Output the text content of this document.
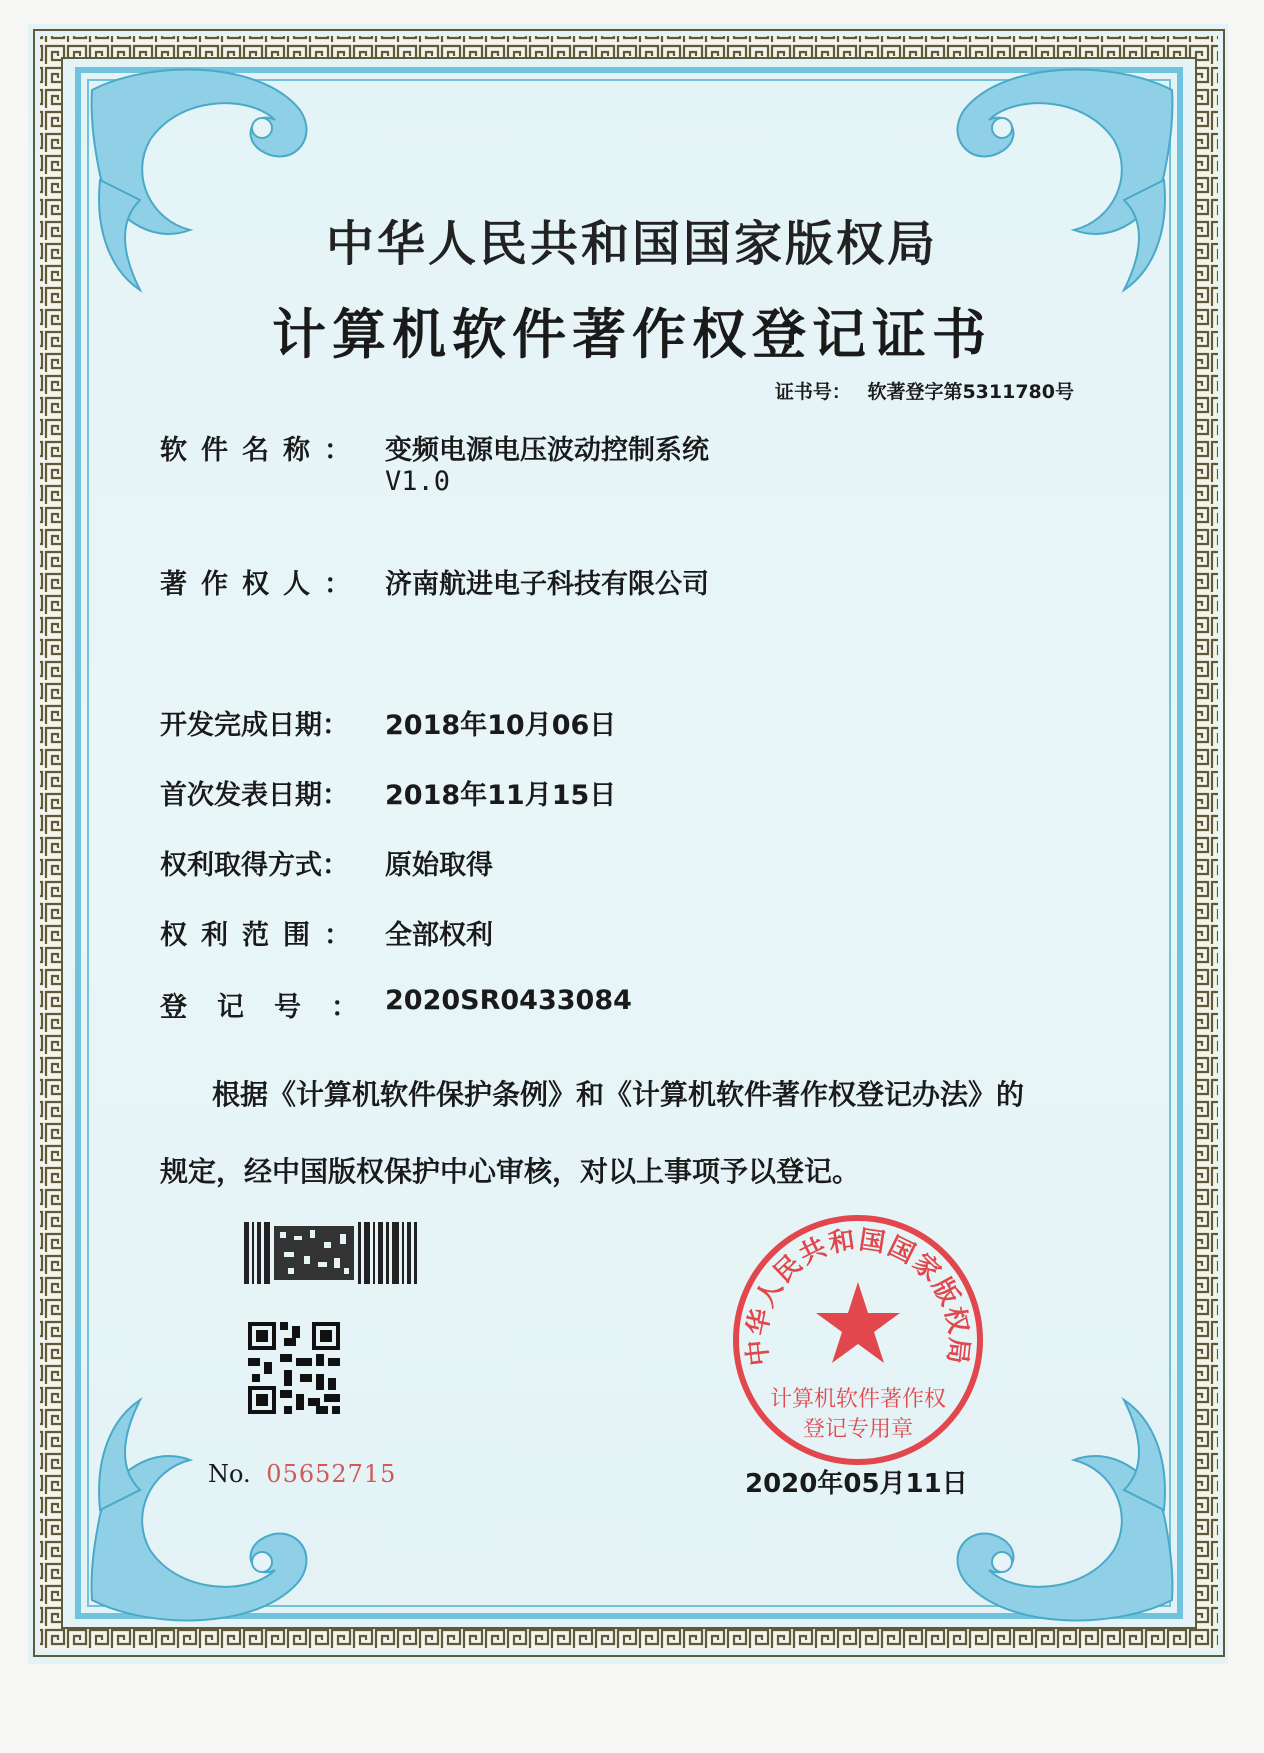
中华人民共和国国家版权局
计算机软件著作权登记证书
证书号： 软著登字第5311780号
软件名称： 变频电源电压波动控制系统
V1.0
著作权人： 济南航进电子科技有限公司
开发完成日期： 2018年10月06日
首次发表日期： 2018年11月15日
权利取得方式： 原始取得
权利范围： 全部权利
登记号：
2020SR0433084
根据《计算机软件保护条例》和《计算机软件著作权登记办法》的
规定，经中国版权保护中心审核，对以上事项予以登记。
No. 05652715
中华人民共和国国家版权局
计算机软件著作权
登记专用章
2020年05月11日
